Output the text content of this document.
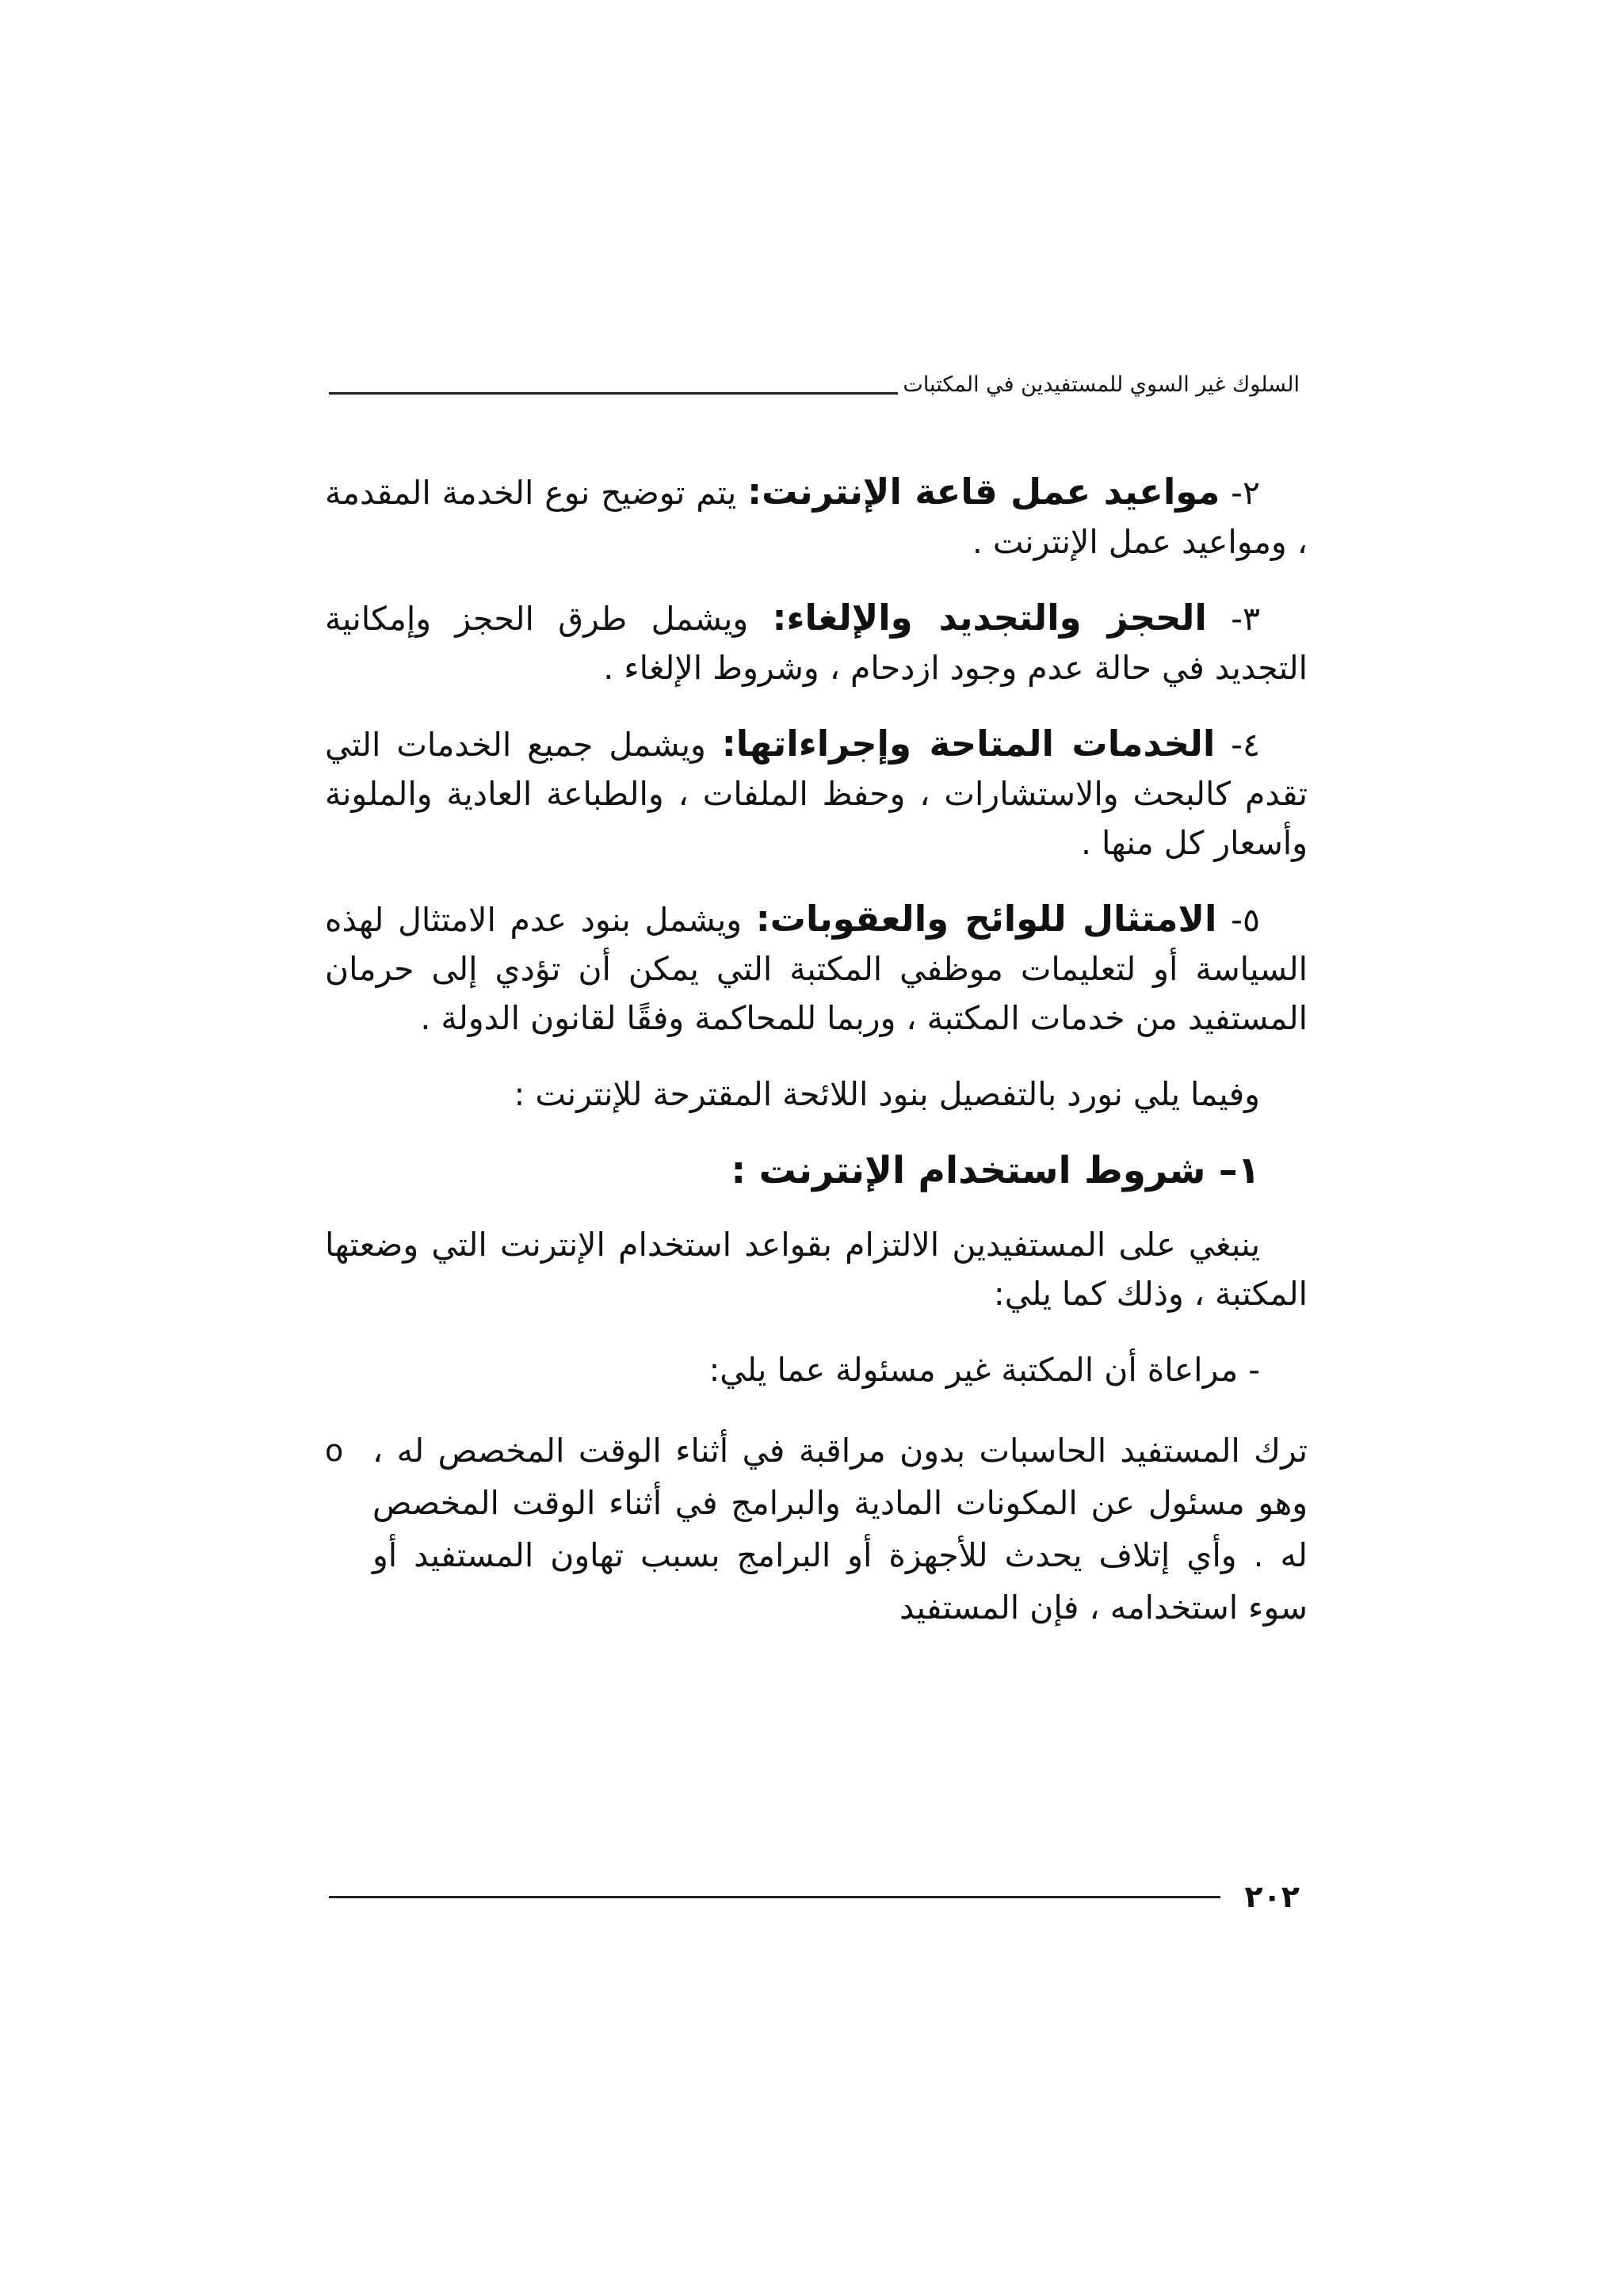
السلوك غير السوي للمستفيدين في المكتبات

٢- مواعيد عمل قاعة الإنترنت: يتم توضيح نوع الخدمة المقدمة ، ومواعيد عمل الإنترنت .

٣- الحجز والتجديد والإلغاء: ويشمل طرق الحجز وإمكانية التجديد في حالة عدم وجود ازدحام ، وشروط الإلغاء .

٤- الخدمات المتاحة وإجراءاتها: ويشمل جميع الخدمات التي تقدم كالبحث والاستشارات ، وحفظ الملفات ، والطباعة العادية والملونة وأسعار كل منها .

٥- الامتثال للوائح والعقوبات: ويشمل بنود عدم الامتثال لهذه السياسة أو لتعليمات موظفي المكتبة التي يمكن أن تؤدي إلى حرمان المستفيد من خدمات المكتبة ، وربما للمحاكمة وفقًا لقانون الدولة .

وفيما يلي نورد بالتفصيل بنود اللائحة المقترحة للإنترنت :

١– شروط استخدام الإنترنت :

ينبغي على المستفيدين الالتزام بقواعد استخدام الإنترنت التي وضعتها المكتبة ، وذلك كما يلي:

- مراعاة أن المكتبة غير مسئولة عما يلي:

o ترك المستفيد الحاسبات بدون مراقبة في أثناء الوقت المخصص له ، وهو مسئول عن المكونات المادية والبرامج في أثناء الوقت المخصص له . وأي إتلاف يحدث للأجهزة أو البرامج بسبب تهاون المستفيد أو سوء استخدامه ، فإن المستفيد
٢٠٢
